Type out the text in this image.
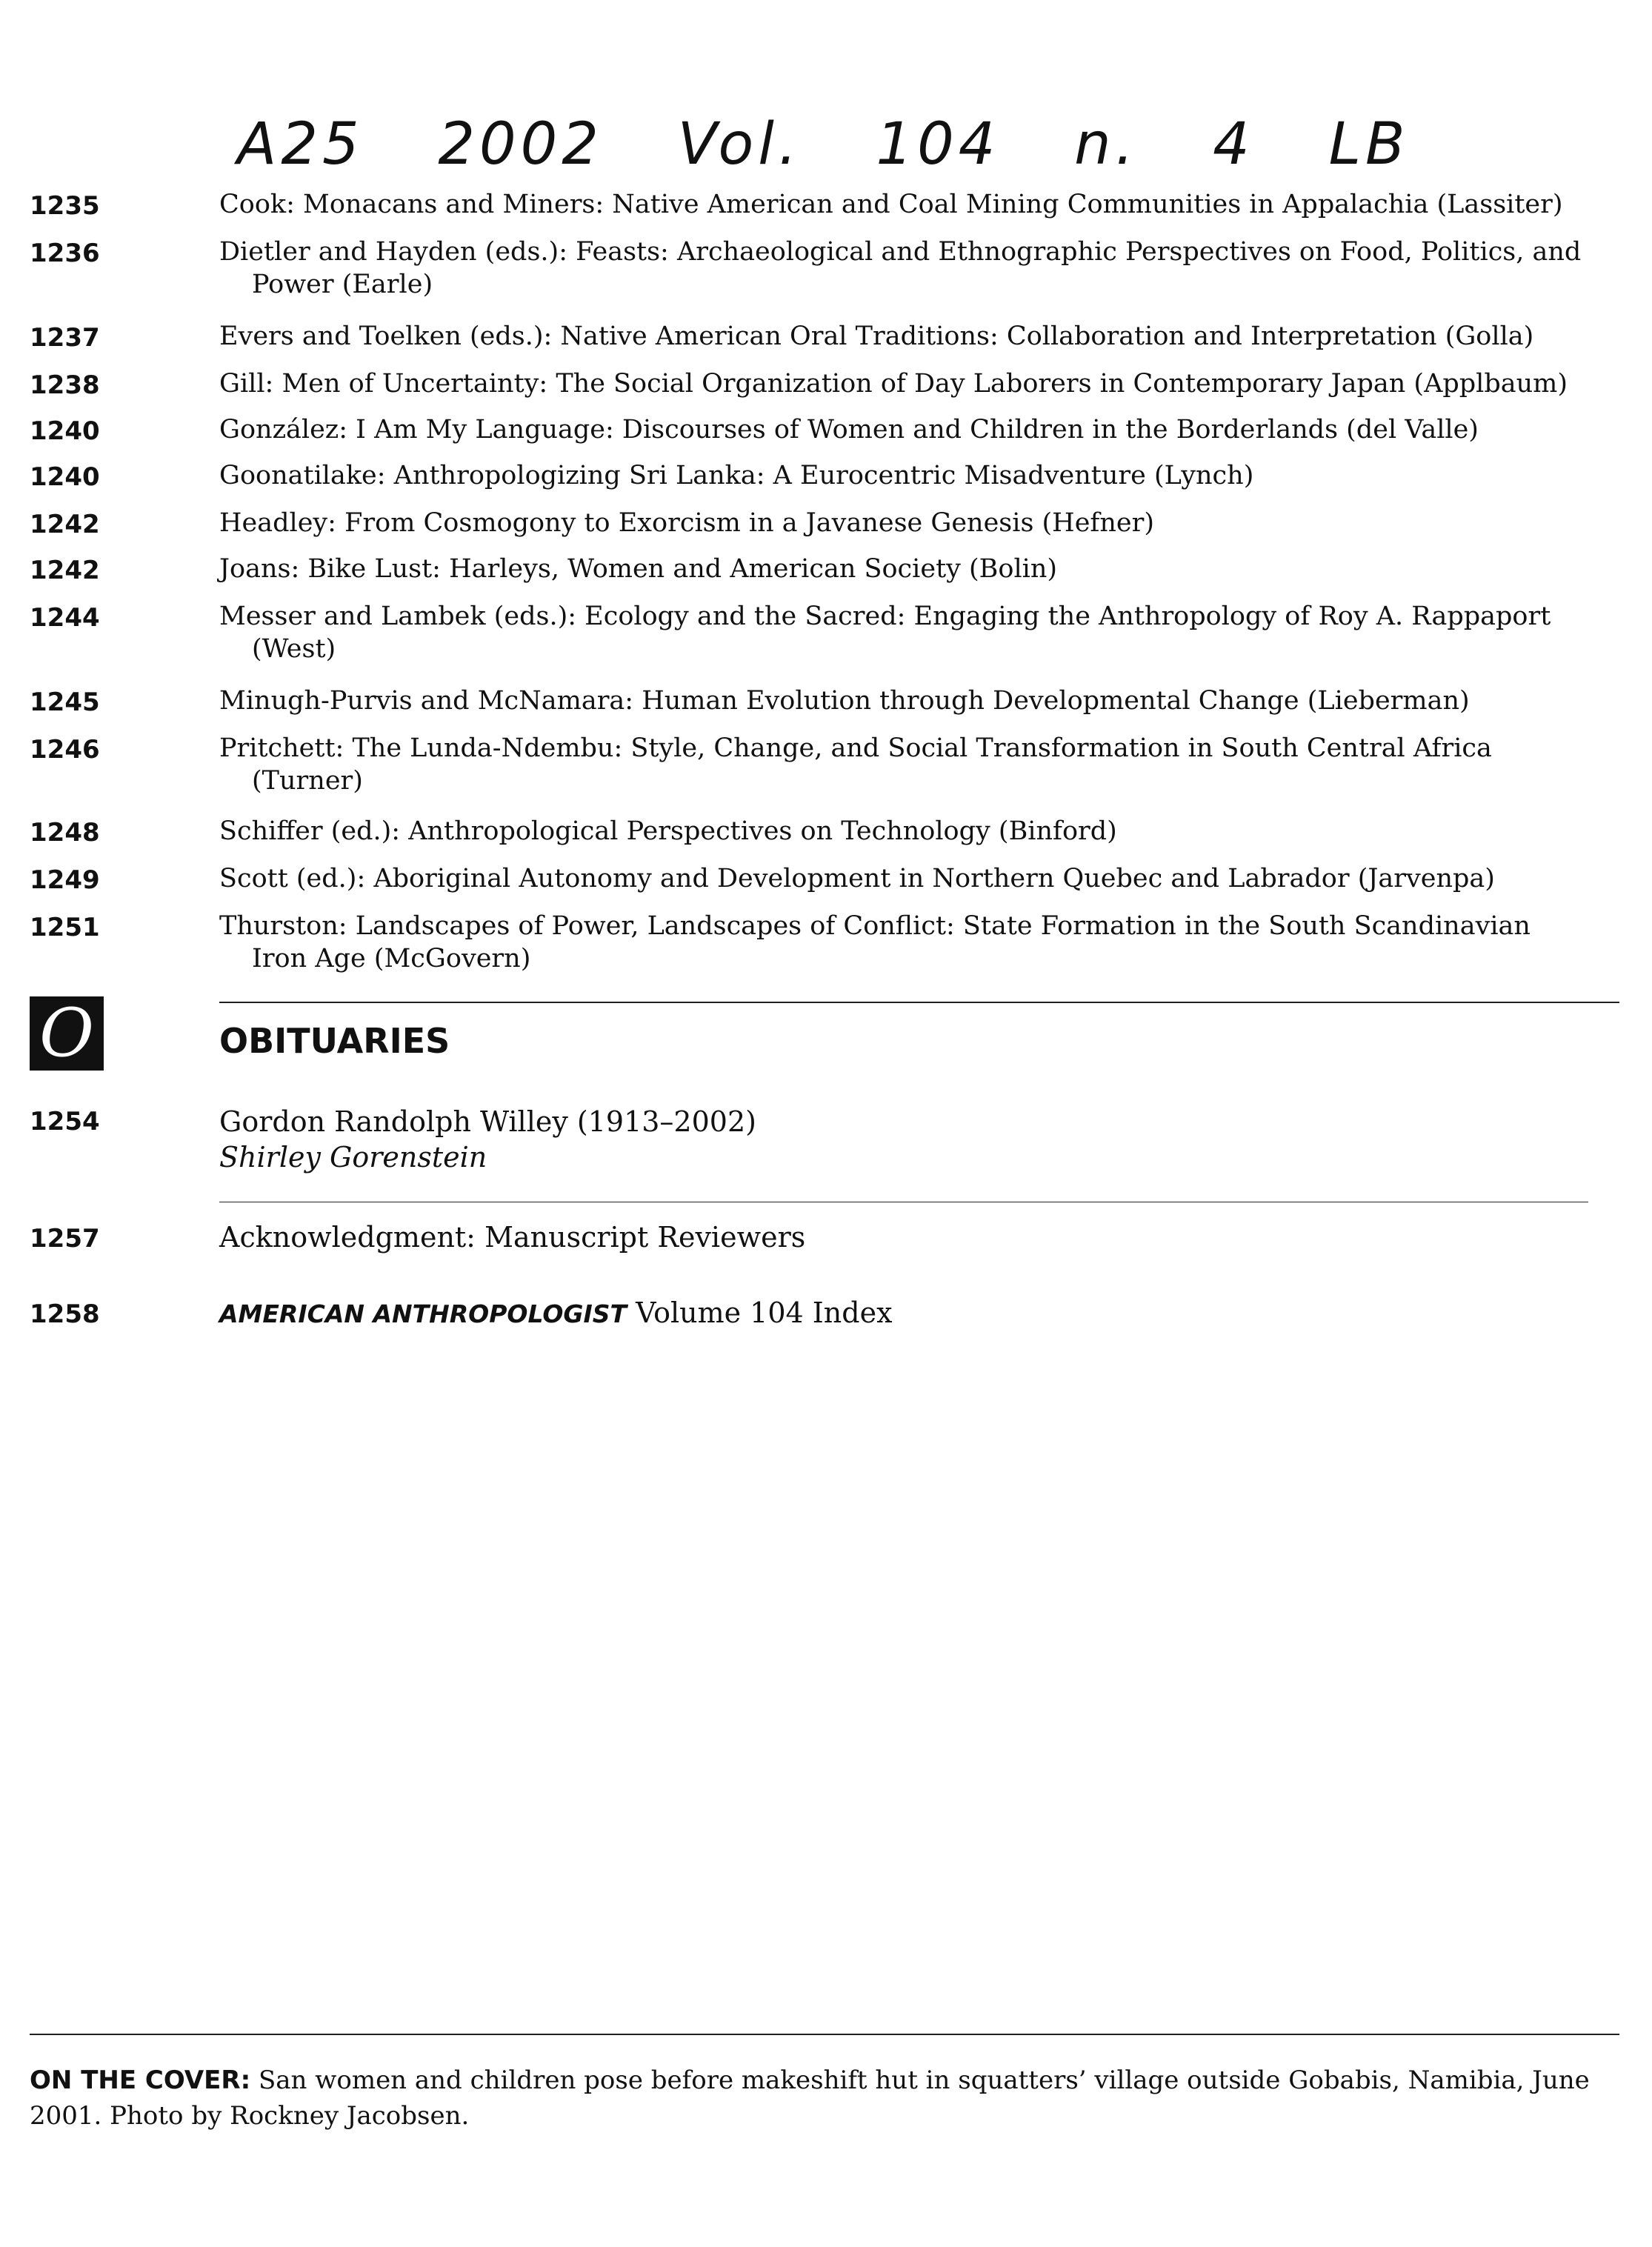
A25 2002 Vol. 104 n. 4 LB
1235	Cook: Monacans and Miners: Native American and Coal Mining Communities in Appalachia (Lassiter)
1236	Dietler and Hayden (eds.): Feasts: Archaeological and Ethnographic Perspectives on Food, Politics, and
Power (Earle)
1237	Evers and Toelken (eds.): Native American Oral Traditions: Collaboration and Interpretation (Golla)
1238	Gill: Men of Uncertainty: The Social Organization of Day Laborers in Contemporary Japan (Applbaum)
1240	González: I Am My Language: Discourses of Women and Children in the Borderlands (del Valle)
1240	Goonatilake: Anthropologizing Sri Lanka: A Eurocentric Misadventure (Lynch)
1242	Headley: From Cosmogony to Exorcism in a Javanese Genesis (Hefner)
1242	Joans: Bike Lust: Harleys, Women and American Society (Bolin)
1244	Messer and Lambek (eds.): Ecology and the Sacred: Engaging the Anthropology of Roy A. Rappaport
(West)
1245	Minugh-Purvis and McNamara: Human Evolution through Developmental Change (Lieberman)
1246	Pritchett: The Lunda-Ndembu: Style, Change, and Social Transformation in South Central Africa
(Turner)
1248	Schiffer (ed.): Anthropological Perspectives on Technology (Binford)
1249	Scott (ed.): Aboriginal Autonomy and Development in Northern Quebec and Labrador (Jarvenpa)
1251	Thurston: Landscapes of Power, Landscapes of Conflict: State Formation in the South Scandinavian
Iron Age (McGovern)
O	OBITUARIES
1254	Gordon Randolph Willey (1913–2002)
Shirley Gorenstein
1257	Acknowledgment: Manuscript Reviewers
1258	AMERICAN ANTHROPOLOGIST Volume 104 Index
ON THE COVER: San women and children pose before makeshift hut in squatters’ village outside Gobabis, Namibia, June 2001. Photo by Rockney Jacobsen.
